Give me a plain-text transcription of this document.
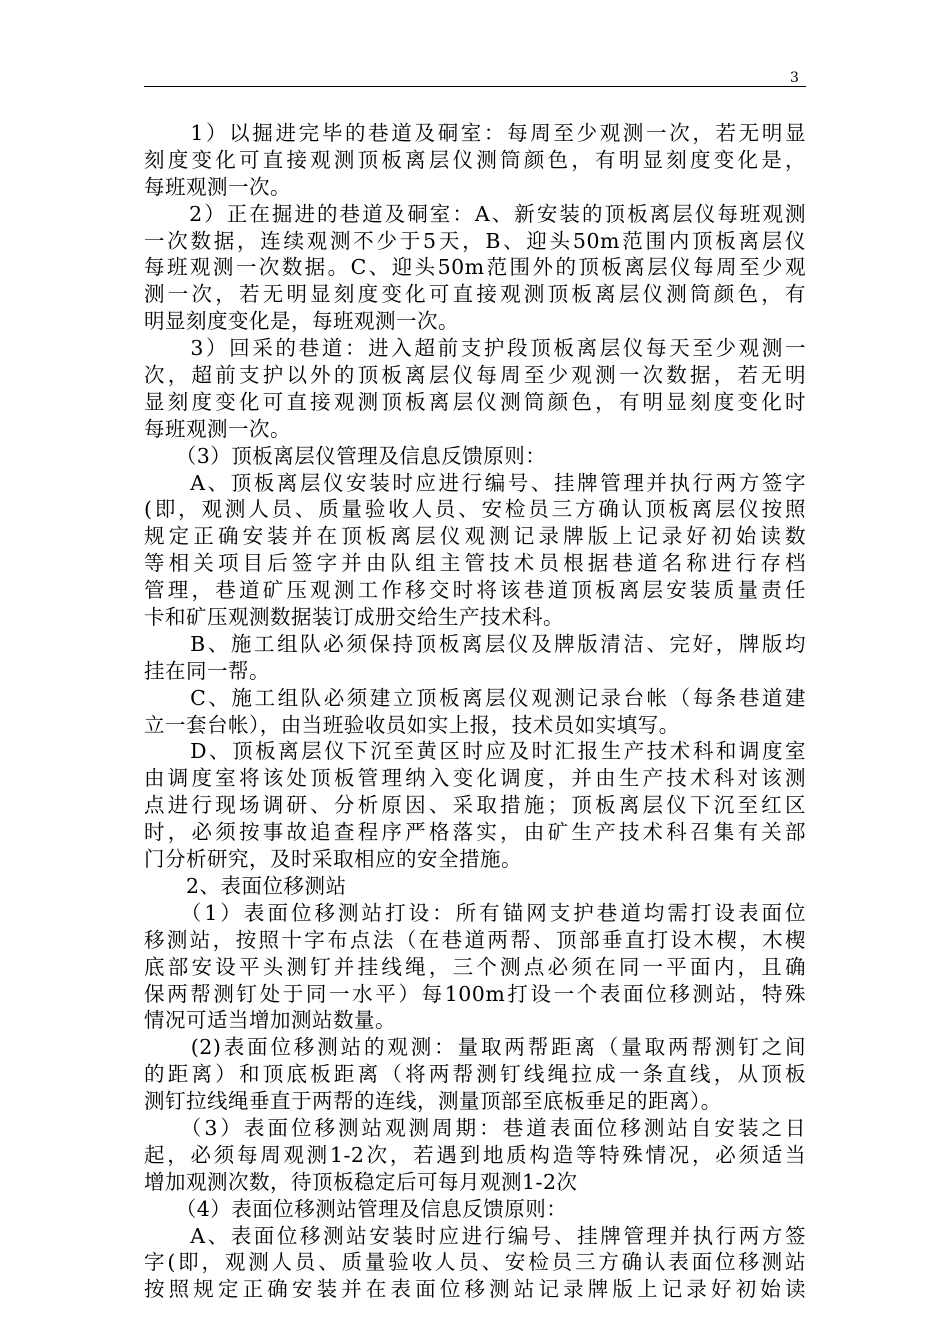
3
　　1）以掘进完毕的巷道及硐室：每周至少观测一次，若无明显
刻度变化可直接观测顶板离层仪测筒颜色，有明显刻度变化是，
每班观测一次。
　　2）正在掘进的巷道及硐室：A、新安装的顶板离层仪每班观测
一次数据，连续观测不少于5天，B、迎头50m范围内顶板离层仪
每班观测一次数据。C、迎头50m范围外的顶板离层仪每周至少观
测一次，若无明显刻度变化可直接观测顶板离层仪测筒颜色，有
明显刻度变化是，每班观测一次。
　　3）回采的巷道：进入超前支护段顶板离层仪每天至少观测一
次，超前支护以外的顶板离层仪每周至少观测一次数据，若无明
显刻度变化可直接观测顶板离层仪测筒颜色，有明显刻度变化时
每班观测一次。
　　（3）顶板离层仪管理及信息反馈原则：
　　A、顶板离层仪安装时应进行编号、挂牌管理并执行两方签字
(即，观测人员、质量验收人员、安检员三方确认顶板离层仪按照
规定正确安装并在顶板离层仪观测记录牌版上记录好初始读数
等相关项目后签字并由队组主管技术员根据巷道名称进行存档
管理，巷道矿压观测工作移交时将该巷道顶板离层安装质量责任
卡和矿压观测数据装订成册交给生产技术科。
　　B、施工组队必须保持顶板离层仪及牌版清洁、完好，牌版均
挂在同一帮。
　　C、施工组队必须建立顶板离层仪观测记录台帐（每条巷道建
立一套台帐），由当班验收员如实上报，技术员如实填写。
　　D、顶板离层仪下沉至黄区时应及时汇报生产技术科和调度室
由调度室将该处顶板管理纳入变化调度，并由生产技术科对该测
点进行现场调研、分析原因、采取措施；顶板离层仪下沉至红区
时，必须按事故追查程序严格落实，由矿生产技术科召集有关部
门分析研究，及时采取相应的安全措施。
　　2、表面位移测站
　　（1）表面位移测站打设：所有锚网支护巷道均需打设表面位
移测站，按照十字布点法（在巷道两帮、顶部垂直打设木楔，木楔
底部安设平头测钉并挂线绳，三个测点必须在同一平面内，且确
保两帮测钉处于同一水平）每100m打设一个表面位移测站，特殊
情况可适当增加测站数量。
　　(2)表面位移测站的观测：量取两帮距离（量取两帮测钉之间
的距离）和顶底板距离（将两帮测钉线绳拉成一条直线，从顶板
测钉拉线绳垂直于两帮的连线，测量顶部至底板垂足的距离）。
　　（3）表面位移测站观测周期：巷道表面位移测站自安装之日
起，必须每周观测1-2次，若遇到地质构造等特殊情况，必须适当
增加观测次数，待顶板稳定后可每月观测1-2次
　　（4）表面位移测站管理及信息反馈原则：
　　A、表面位移测站安装时应进行编号、挂牌管理并执行两方签
字(即，观测人员、质量验收人员、安检员三方确认表面位移测站
按照规定正确安装并在表面位移测站记录牌版上记录好初始读
